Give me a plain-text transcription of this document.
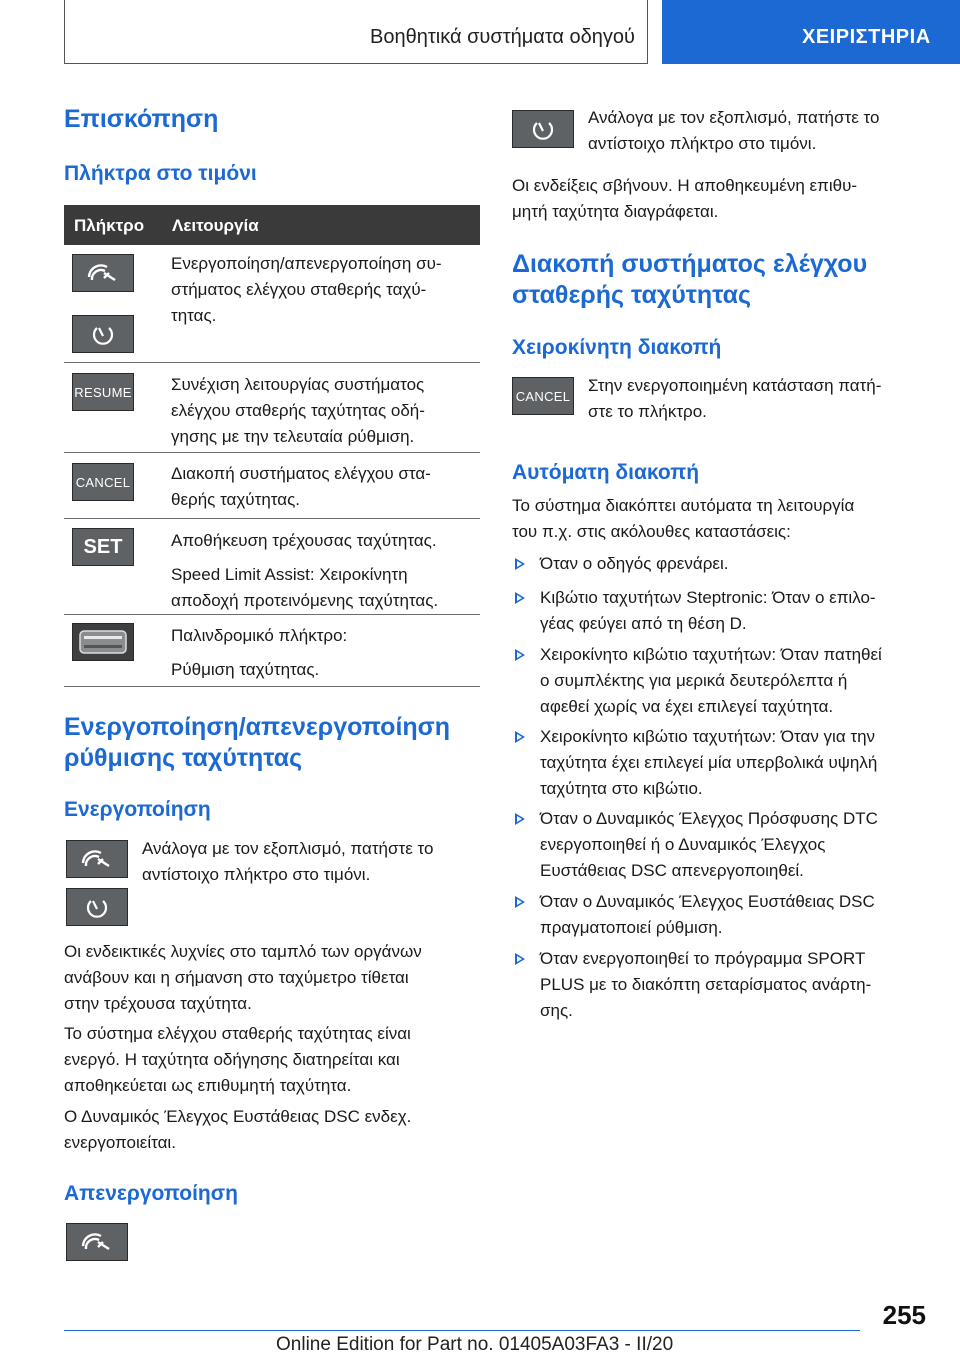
Βοηθητικά συστήματα οδηγού	ΧΕΙΡΙΣΤΗΡΙΑ
Επισκόπηση
Πλήκτρα στο τιμόνι
Πλήκτρο Λειτουργία
Ενεργοποίηση/απενεργοποίηση συ-
στήματος ελέγχου σταθερής ταχύ-
τητας.
RESUME Συνέχιση λειτουργίας συστήματος
ελέγχου σταθερής ταχύτητας οδή-
γησης με την τελευταία ρύθμιση.
CANCEL Διακοπή συστήματος ελέγχου στα-
θερής ταχύτητας.
SET	Αποθήκευση τρέχουσας ταχύτητας.
Speed Limit Assist: Χειροκίνητη
αποδοχή προτεινόμενης ταχύτητας.
Παλινδρομικό πλήκτρο:
Ρύθμιση ταχύτητας.
Ενεργοποίηση/απενεργοποίηση
ρύθμισης ταχύτητας
Ενεργοποίηση
Ανάλογα με τον εξοπλισμό, πατήστε το
αντίστοιχο πλήκτρο στο τιμόνι.
Οι ενδεικτικές λυχνίες στο ταμπλό των οργάνων
ανάβουν και η σήμανση στο ταχύμετρο τίθεται
στην τρέχουσα ταχύτητα.
Το σύστημα ελέγχου σταθερής ταχύτητας είναι
ενεργό. Η ταχύτητα οδήγησης διατηρείται και
αποθηκεύεται ως επιθυμητή ταχύτητα.
Ο Δυναμικός Έλεγχος Ευστάθειας DSC ενδεχ.
ενεργοποιείται.
Απενεργοποίηση
Ανάλογα με τον εξοπλισμό, πατήστε το
αντίστοιχο πλήκτρο στο τιμόνι.
Οι ενδείξεις σβήνουν. Η αποθηκευμένη επιθυ-
μητή ταχύτητα διαγράφεται.
Διακοπή συστήματος ελέγχου
σταθερής ταχύτητας
Χειροκίνητη διακοπή
CANCEL
Στην ενεργοποιημένη κατάσταση πατή-
στε το πλήκτρο.
Αυτόματη διακοπή
Το σύστημα διακόπτει αυτόματα τη λειτουργία
του π.χ. στις ακόλουθες καταστάσεις:
Όταν ο οδηγός φρενάρει.
Κιβώτιο ταχυτήτων Steptronic: Όταν ο επιλο-
γέας φεύγει από τη θέση D.
Χειροκίνητο κιβώτιο ταχυτήτων: Όταν πατηθεί
ο συμπλέκτης για μερικά δευτερόλεπτα ή
αφεθεί χωρίς να έχει επιλεγεί ταχύτητα.
Χειροκίνητο κιβώτιο ταχυτήτων: Όταν για την
ταχύτητα έχει επιλεγεί μία υπερβολικά υψηλή
ταχύτητα στο κιβώτιο.
Όταν ο Δυναμικός Έλεγχος Πρόσφυσης DTC
ενεργοποιηθεί ή ο Δυναμικός Έλεγχος
Ευστάθειας DSC απενεργοποιηθεί.
Όταν ο Δυναμικός Έλεγχος Ευστάθειας DSC
πραγματοποιεί ρύθμιση.
Όταν ενεργοποιηθεί το πρόγραμμα SPORT
PLUS με το διακόπτη σεταρίσματος ανάρτη-
σης.
255
Online Edition for Part no. 01405A03FA3 - II/20
